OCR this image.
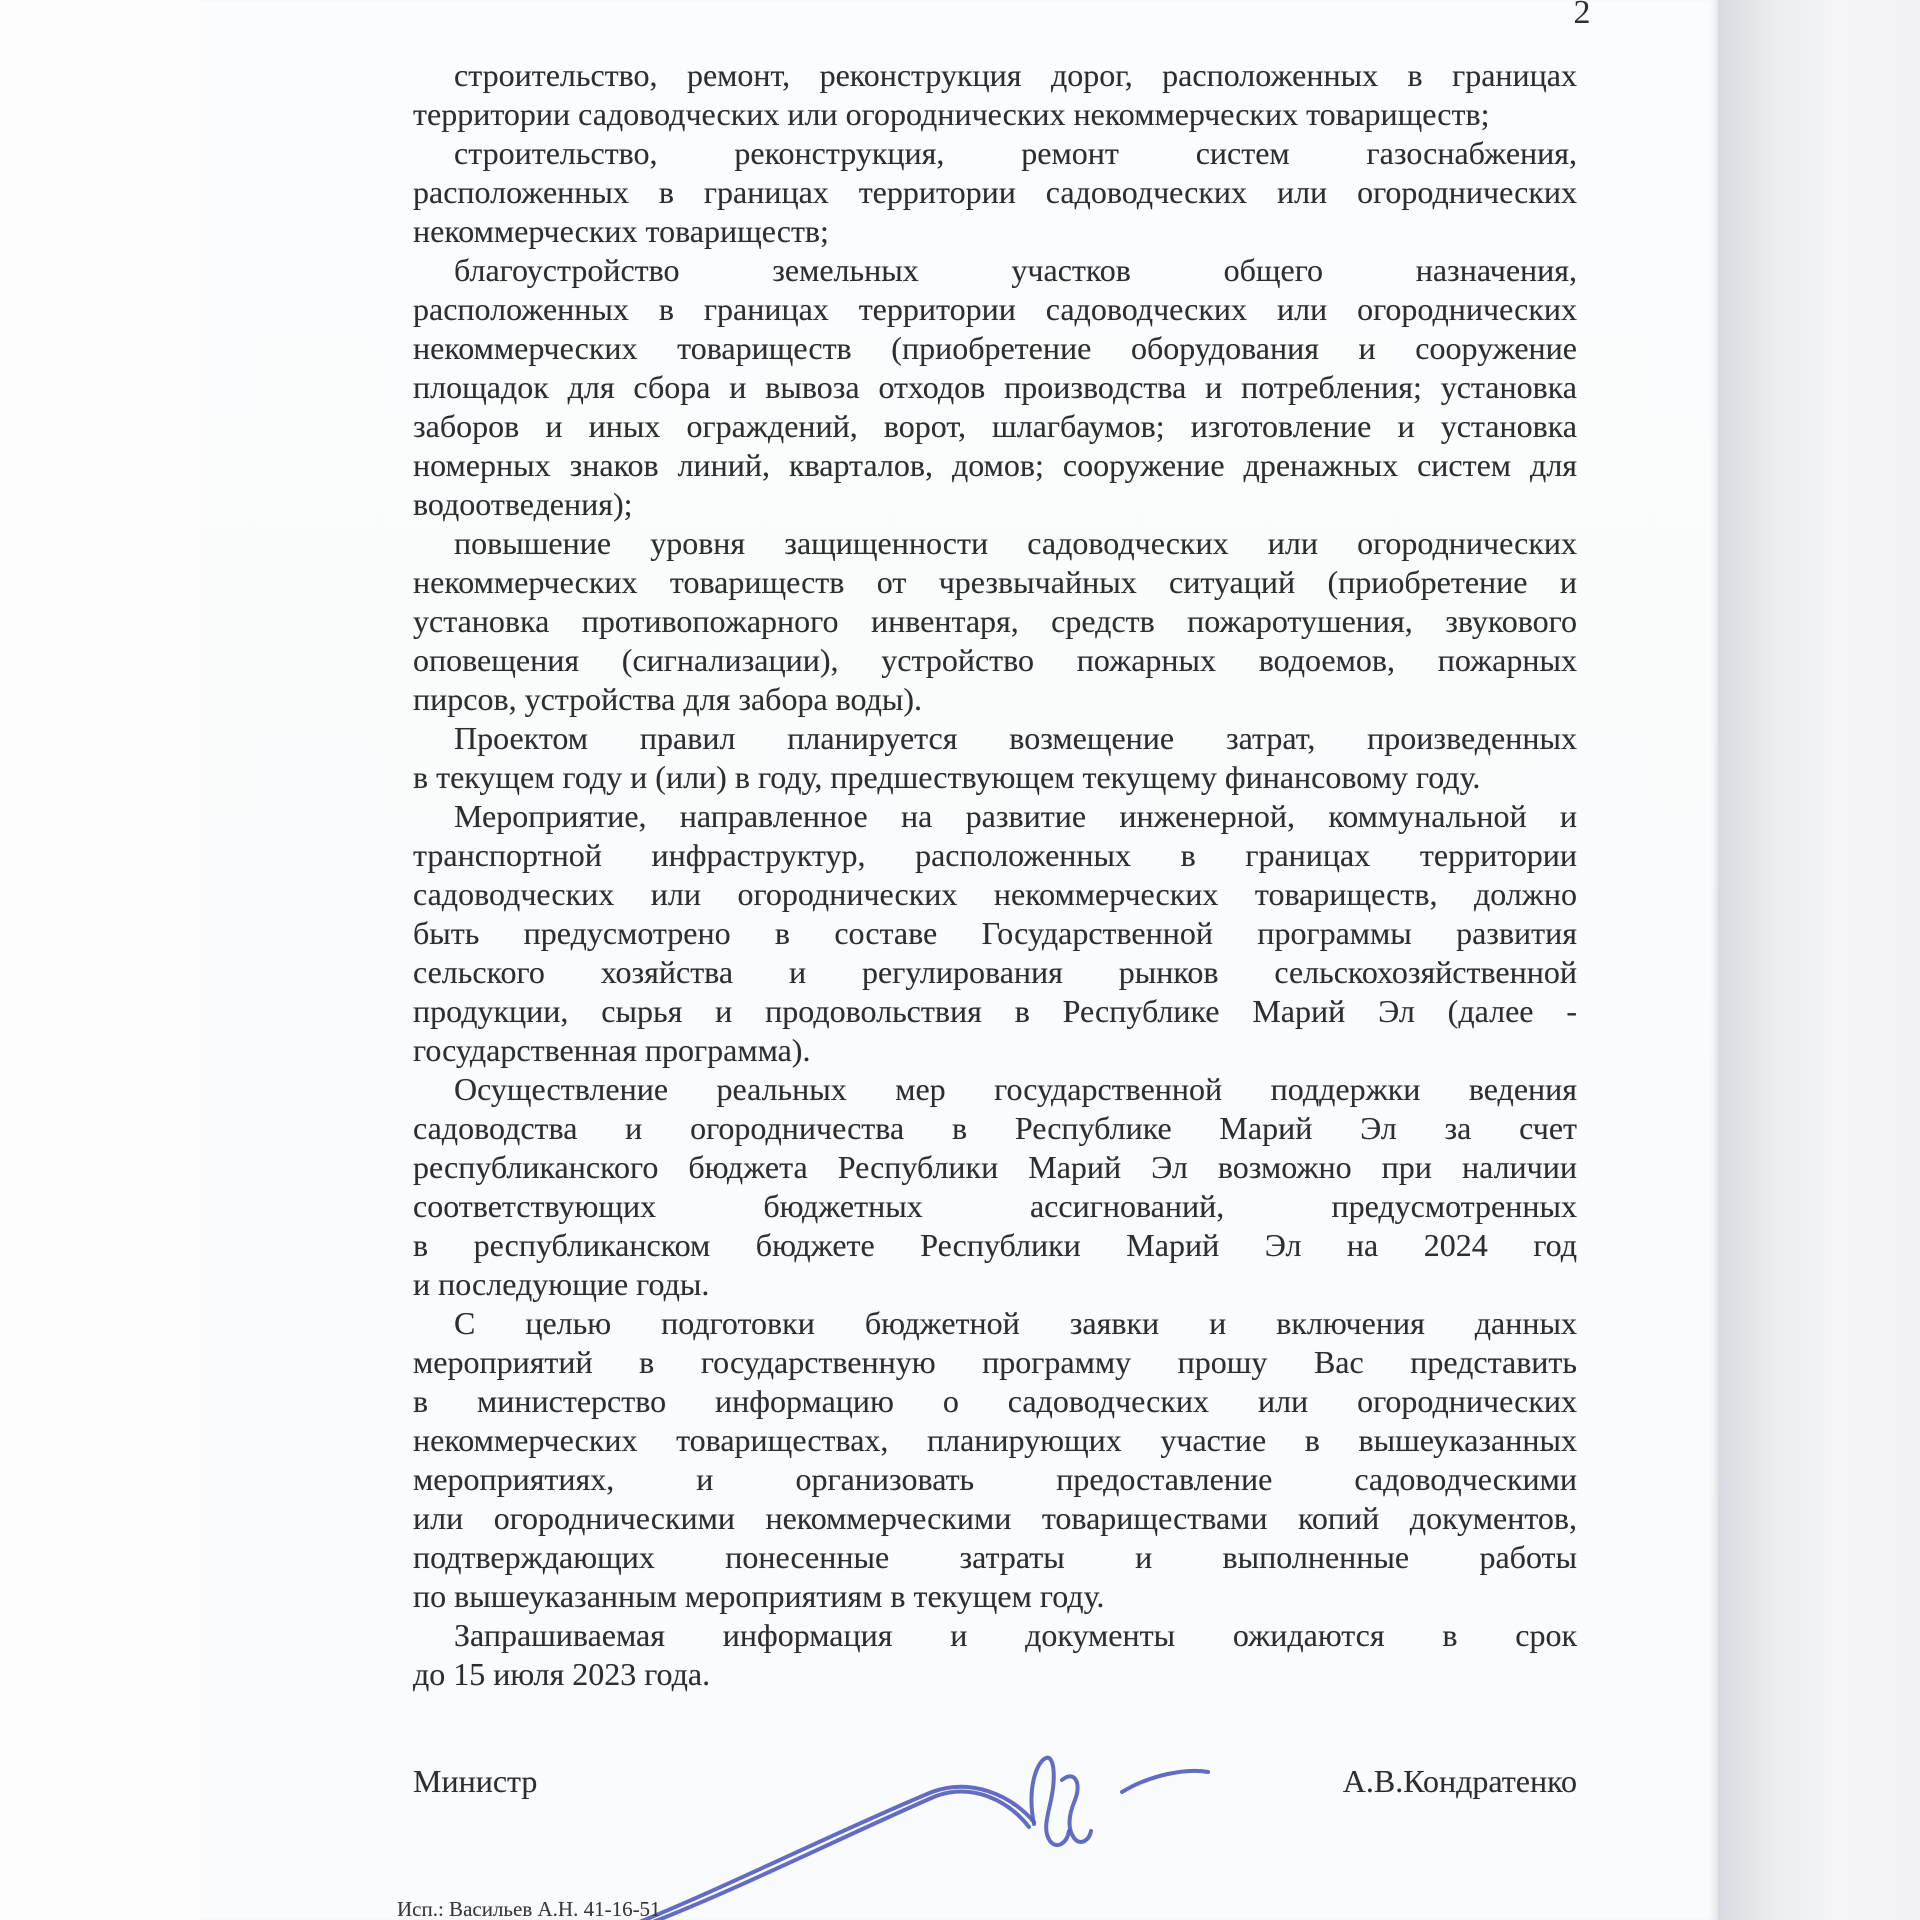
2
строительство, ремонт, реконструкция дорог, расположенных в границах
территории садоводческих или огороднических некоммерческих товариществ;
строительство, реконструкция, ремонт систем газоснабжения,
расположенных в границах территории садоводческих или огороднических
некоммерческих товариществ;
благоустройство земельных участков общего назначения,
расположенных в границах территории садоводческих или огороднических
некоммерческих товариществ (приобретение оборудования и сооружение
площадок для сбора и вывоза отходов производства и потребления; установка
заборов и иных ограждений, ворот, шлагбаумов; изготовление и установка
номерных знаков линий, кварталов, домов; сооружение дренажных систем для
водоотведения);
повышение уровня защищенности садоводческих или огороднических
некоммерческих товариществ от чрезвычайных ситуаций (приобретение и
установка противопожарного инвентаря, средств пожаротушения, звукового
оповещения (сигнализации), устройство пожарных водоемов, пожарных
пирсов, устройства для забора воды).
Проектом правил планируется возмещение затрат, произведенных
в текущем году и (или) в году, предшествующем текущему финансовому году.
Мероприятие, направленное на развитие инженерной, коммунальной и
транспортной инфраструктур, расположенных в границах территории
садоводческих или огороднических некоммерческих товариществ, должно
быть предусмотрено в составе Государственной программы развития
сельского хозяйства и регулирования рынков сельскохозяйственной
продукции, сырья и продовольствия в Республике Марий Эл (далее -
государственная программа).
Осуществление реальных мер государственной поддержки ведения
садоводства и огородничества в Республике Марий Эл за счет
республиканского бюджета Республики Марий Эл возможно при наличии
соответствующих бюджетных ассигнований, предусмотренных
в республиканском бюджете Республики Марий Эл на 2024 год
и последующие годы.
С целью подготовки бюджетной заявки и включения данных
мероприятий в государственную программу прошу Вас представить
в министерство информацию о садоводческих или огороднических
некоммерческих товариществах, планирующих участие в вышеуказанных
мероприятиях, и организовать предоставление садоводческими
или огородническими некоммерческими товариществами копий документов,
подтверждающих понесенные затраты и выполненные работы
по вышеуказанным мероприятиям в текущем году.
Запрашиваемая информация и документы ожидаются в срок
до 15 июля 2023 года.
Министр	А.В.Кондратенко
Исп.: Васильев А.Н. 41-16-51
